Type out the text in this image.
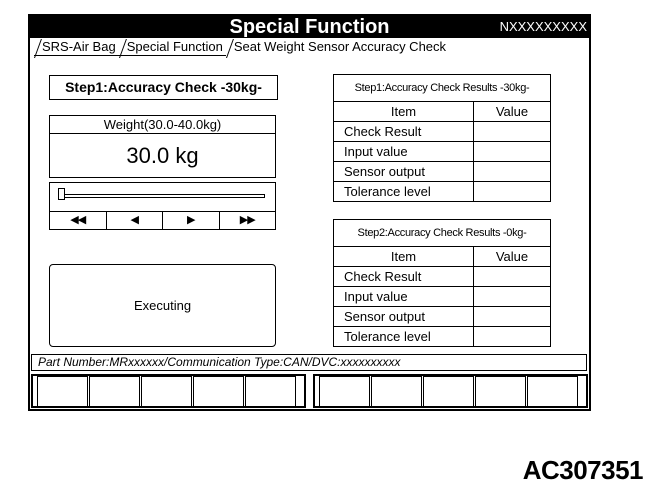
Special Function	NXXXXXXXXX
SRS-Air Bag Special Function Seat Weight Sensor Accuracy Check
Step1:Accuracy Check -30kg-
Weight(30.0-40.0kg)
30.0 kg
◀◀	◀	▶	▶▶
Executing
Step1:Accuracy Check Results -30kg-	
Item	Value
Check Result	
Input value	
Sensor output	
Tolerance level	
Step2:Accuracy Check Results -0kg-	
Item	Value
Check Result	
Input value	
Sensor output	
Tolerance level	
Part Number:MRxxxxxx/Communication Type:CAN/DVC:xxxxxxxxxx
AC307351
